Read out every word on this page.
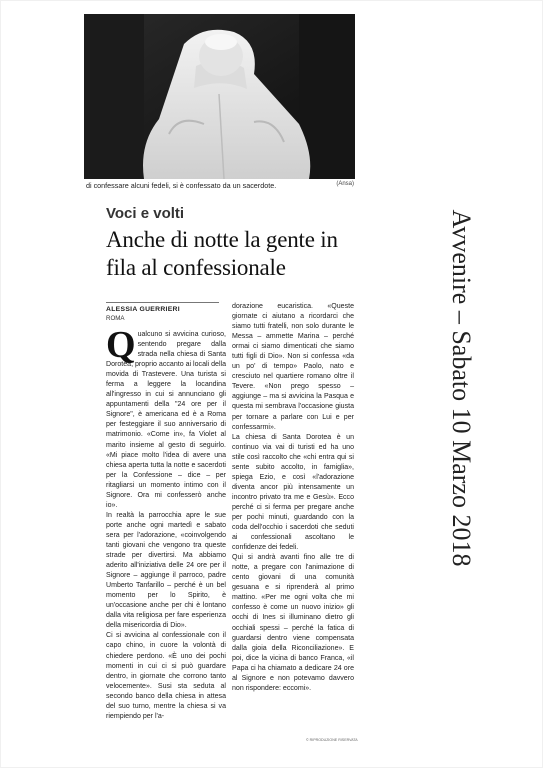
di confessare alcuni fedeli, si è confessato da un sacerdote.	(Ansa)
Voci e volti
Anche di notte la gente in fila al confessionale
ALESSIA GUERRIERI
ROMA

Qualcuno si avvicina curioso, sentendo pregare dalla strada nella chiesa di Santa Dorotea, proprio accanto ai locali della movida di Trastevere. Una turista si ferma a leggere la locandina all'ingresso in cui si annunciano gli appuntamenti della "24 ore per il Signore", è americana ed è a Roma per festeggiare il suo anniversario di matrimonio. «Come in», fa Violet al marito insieme al gesto di seguirlo. «Mi piace molto l'idea di avere una chiesa aperta tutta la notte e sacerdoti per la Confessione – dice – per ritagliarsi un momento intimo con il Signore. Ora mi confesserò anche io».

In realtà la parrocchia apre le sue porte anche ogni martedì e sabato sera per l'adorazione, «coinvolgendo tanti giovani che vengono tra queste strade per divertirsi. Ma abbiamo aderito all'iniziativa delle 24 ore per il Signore – aggiunge il parroco, padre Umberto Tanfarillo – perché è un bel momento per lo Spirito, è un'occasione anche per chi è lontano dalla vita religiosa per fare esperienza della misericordia di Dio».

Ci si avvicina al confessionale con il capo chino, in cuore la volontà di chiedere perdono. «È uno dei pochi momenti in cui ci si può guardare dentro, in giornate che corrono tanto velocemente». Susi sta seduta al secondo banco della chiesa in attesa del suo turno, mentre la chiesa si va riempiendo per l'a-

dorazione eucaristica. «Queste giornate ci aiutano a ricordarci che siamo tutti fratelli, non solo durante le Messa – ammette Marina – perché ormai ci siamo dimenticati che siamo tutti figli di Dio». Non si confessa «da un po' di tempo» Paolo, nato e cresciuto nel quartiere romano oltre il Tevere. «Non prego spesso – aggiunge – ma si avvicina la Pasqua e questa mi sembrava l'occasione giusta per tornare a parlare con Lui e per confessarmi».

La chiesa di Santa Dorotea è un continuo via vai di turisti ed ha uno stile così raccolto che «chi entra qui si sente subito accolto, in famiglia», spiega Ezio, e così «l'adorazione diventa ancor più intensamente un incontro privato tra me e Gesù». Ecco perché ci si ferma per pregare anche per pochi minuti, guardando con la coda dell'occhio i sacerdoti che seduti ai confessionali ascoltano le confidenze dei fedeli.

Qui si andrà avanti fino alle tre di notte, a pregare con l'animazione di cento giovani di una comunità gesuana e si riprenderà al primo mattino. «Per me ogni volta che mi confesso è come un nuovo inizio» gli occhi di Ines si illuminano dietro gli occhiali spessi – perché la fatica di guardarsi dentro viene compensata dalla gioia della Riconciliazione». E poi, dice la vicina di banco Franca, «il Papa ci ha chiamato a dedicare 24 ore al Signore e non potevamo davvero non rispondere: eccomi».

Avvenire – Sabato 10 Marzo 2018
© RIPRODUZIONE RISERVATA
